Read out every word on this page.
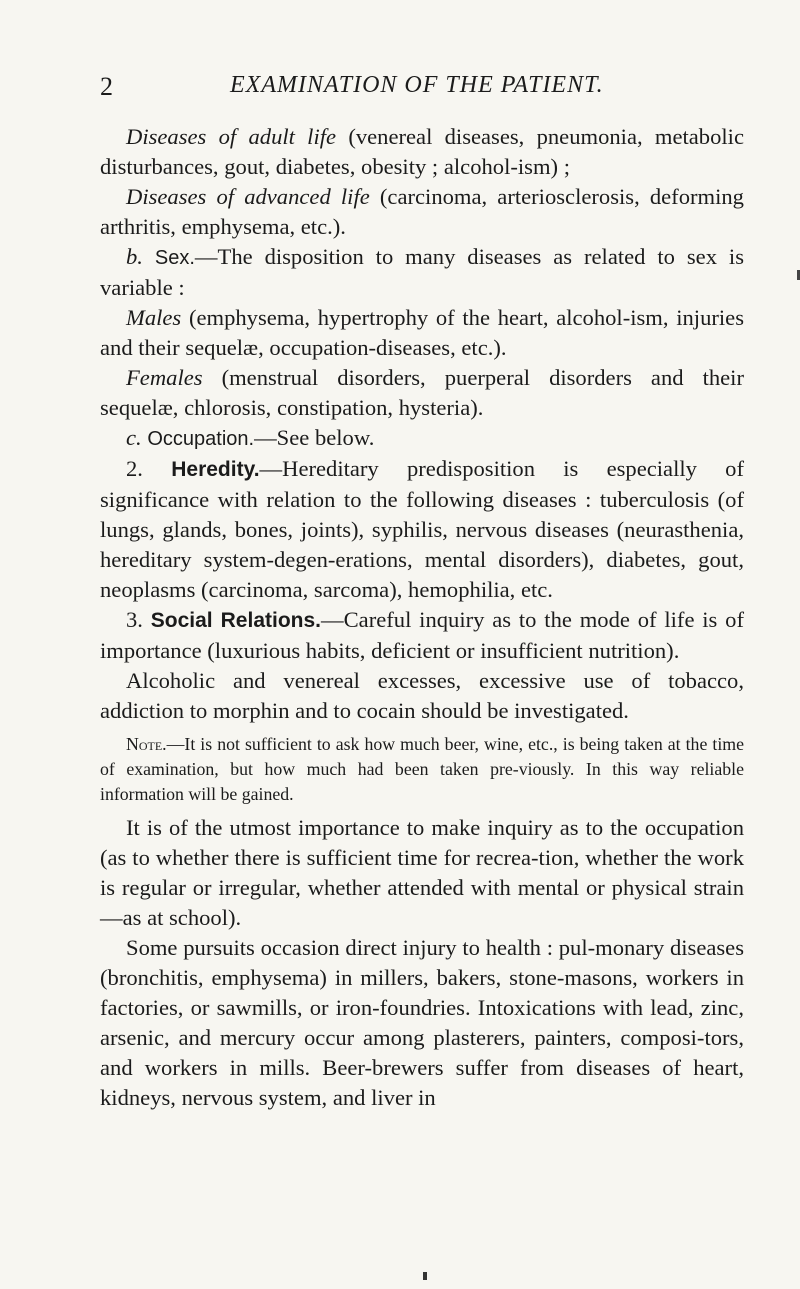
2	EXAMINATION OF THE PATIENT.

Diseases of adult life (venereal diseases, pneumonia, metabolic disturbances, gout, diabetes, obesity ; alcohol-ism) ;

Diseases of advanced life (carcinoma, arteriosclerosis, deforming arthritis, emphysema, etc.).

b. Sex.—The disposition to many diseases as related to sex is variable :

Males (emphysema, hypertrophy of the heart, alcohol-ism, injuries and their sequelæ, occupation-diseases, etc.).

Females (menstrual disorders, puerperal disorders and their sequelæ, chlorosis, constipation, hysteria).

c. Occupation.—See below.

2. Heredity.—Hereditary predisposition is especially of significance with relation to the following diseases : tuberculosis (of lungs, glands, bones, joints), syphilis, nervous diseases (neurasthenia, hereditary system-degen-erations, mental disorders), diabetes, gout, neoplasms (carcinoma, sarcoma), hemophilia, etc.

3. Social Relations.—Careful inquiry as to the mode of life is of importance (luxurious habits, deficient or insufficient nutrition).

Alcoholic and venereal excesses, excessive use of tobacco, addiction to morphin and to cocain should be investigated.

Note.—It is not sufficient to ask how much beer, wine, etc., is being taken at the time of examination, but how much had been taken pre-viously. In this way reliable information will be gained.

It is of the utmost importance to make inquiry as to the occupation (as to whether there is sufficient time for recrea-tion, whether the work is regular or irregular, whether attended with mental or physical strain—as at school).

Some pursuits occasion direct injury to health : pul-monary diseases (bronchitis, emphysema) in millers, bakers, stone-masons, workers in factories, or sawmills, or iron-foundries. Intoxications with lead, zinc, arsenic, and mercury occur among plasterers, painters, composi-tors, and workers in mills. Beer-brewers suffer from diseases of heart, kidneys, nervous system, and liver in
